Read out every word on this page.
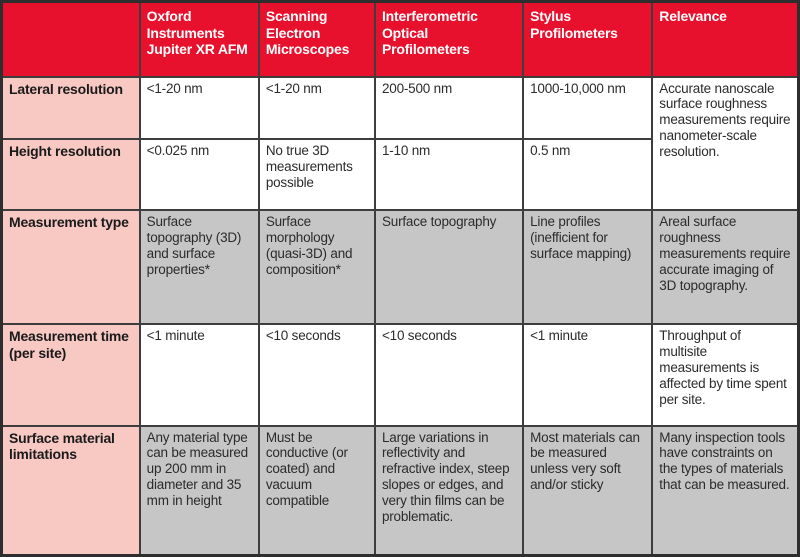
	Oxford Instruments Jupiter XR AFM	Scanning Electron Microscopes	Interferometric Optical Profilometers	Stylus Profilometers	Relevance
Lateral resolution	<1-20 nm	<1-20 nm	200-500 nm	1000-10,000 nm	Accurate nanoscale surface roughness measurements require nanometer-scale resolution.
Height resolution	<0.025 nm	No true 3D measurements possible	1-10 nm	0.5 nm	
Measurement type	Surface topography (3D) and surface properties*	Surface morphology (quasi-3D) and composition*	Surface topography	Line profiles (inefficient for surface mapping)	Areal surface roughness measurements require accurate imaging of 3D topography.
Measurement time (per site)	<1 minute	<10 seconds	<10 seconds	<1 minute	Throughput of multisite measurements is affected by time spent per site.
Surface material limitations	Any material type can be measured up 200 mm in diameter and 35 mm in height	Must be conductive (or coated) and vacuum compatible	Large variations in reflectivity and refractive index, steep slopes or edges, and very thin films can be problematic.	Most materials can be measured unless very soft and/or sticky	Many inspection tools have constraints on the types of materials that can be measured.
